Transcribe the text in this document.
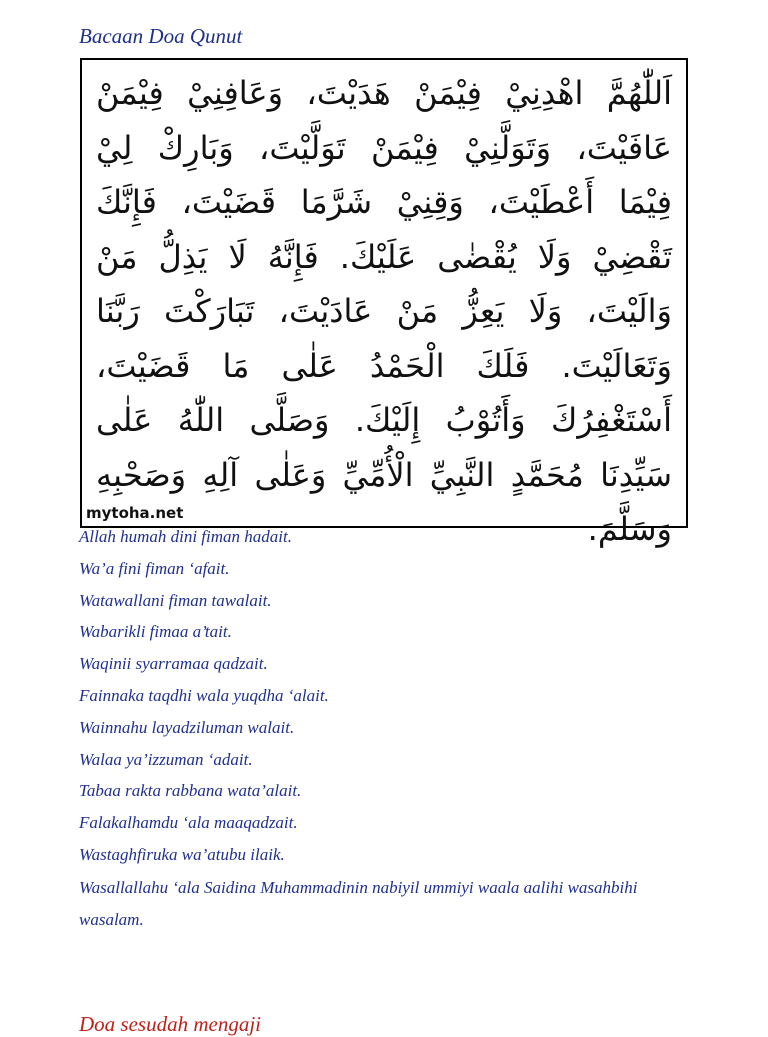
Bacaan Doa Qunut
اَللّٰهُمَّ اهْدِنِيْ فِيْمَنْ هَدَيْتَ، وَعَافِنِيْ فِيْمَنْ عَافَيْتَ، وَتَوَلَّنِيْ فِيْمَنْ تَوَلَّيْتَ، وَبَارِكْ لِيْ فِيْمَا أَعْطَيْتَ، وَقِنِيْ شَرَّمَا قَضَيْتَ، فَإِنَّكَ تَقْضِيْ وَلَا يُقْضٰى عَلَيْكَ. فَإِنَّهُ لَا يَذِلُّ مَنْ وَالَيْتَ، وَلَا يَعِزُّ مَنْ عَادَيْتَ، تَبَارَكْتَ رَبَّنَا وَتَعَالَيْتَ. فَلَكَ الْحَمْدُ عَلٰى مَا قَضَيْتَ، أَسْتَغْفِرُكَ وَأَتُوْبُ إِلَيْكَ. وَصَلَّى اللّٰهُ عَلٰى سَيِّدِنَا مُحَمَّدٍ النَّبِيِّ الْأُمِّيِّ وَعَلٰى آلِهِ وَصَحْبِهِ وَسَلَّمَ.
mytoha.net
Allah humah dini fiman hadait.
Wa’a fini fiman ‘afait.
Watawallani fiman tawalait.
Wabarikli fimaa a’tait.
Waqinii syarramaa qadzait.
Fainnaka taqdhi wala yuqdha ‘alait.
Wainnahu layadziluman walait.
Walaa ya’izzuman ‘adait.
Tabaa rakta rabbana wata’alait.
Falakalhamdu ‘ala maaqadzait.
Wastaghfiruka wa’atubu ilaik.
Wasallallahu ‘ala Saidina Muhammadinin nabiyil ummiyi waala aalihi wasahbihi wasalam.
Doa sesudah mengaji
